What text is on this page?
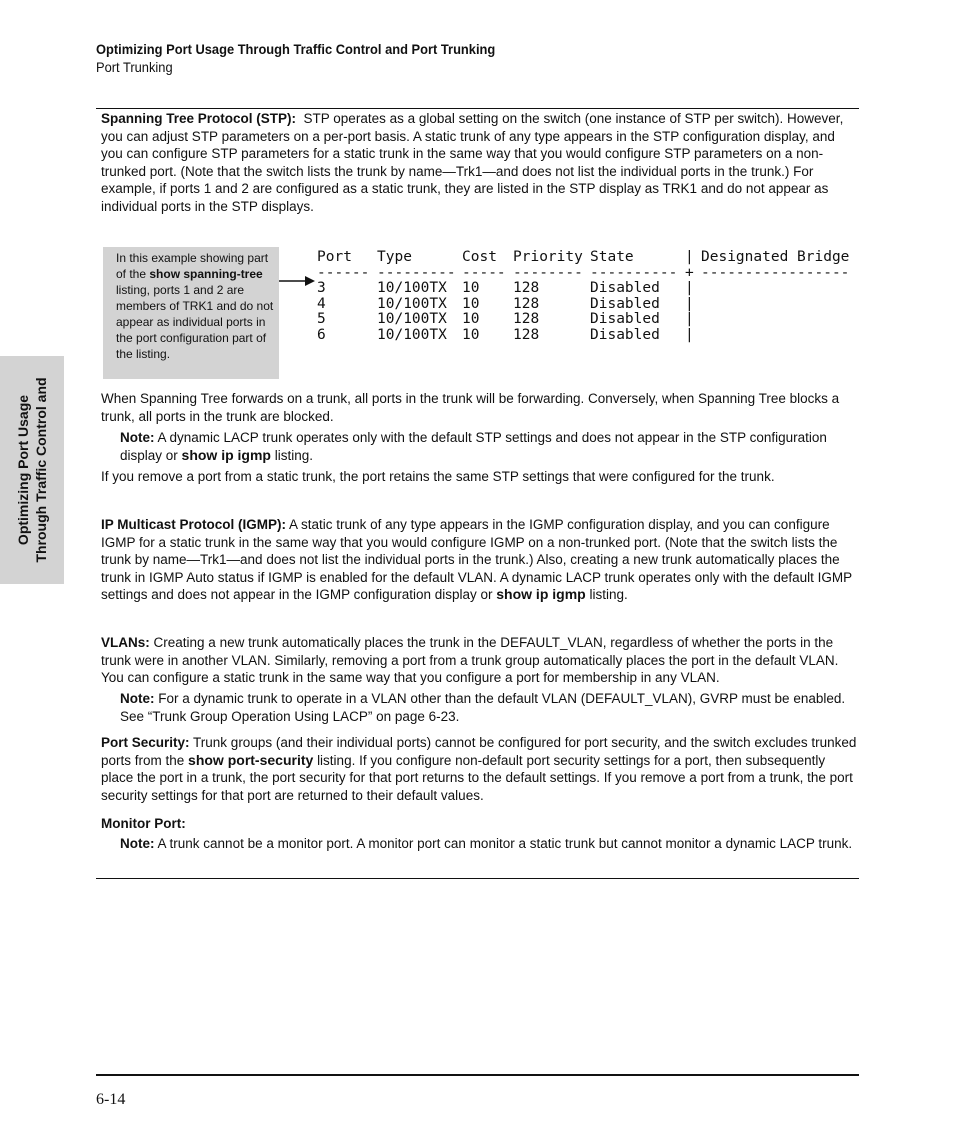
Optimizing Port Usage Through Traffic Control and Port Trunking
Port Trunking
Optimizing Port Usage Through Traffic Control and
Spanning Tree Protocol (STP): STP operates as a global setting on the switch (one instance of STP per switch). However, you can adjust STP parameters on a per-port basis. A static trunk of any type appears in the STP configuration display, and you can configure STP parameters for a static trunk in the same way that you would configure STP parameters on a non-trunked port. (Note that the switch lists the trunk by name—Trk1—and does not list the individual ports in the trunk.) For example, if ports 1 and 2 are configured as a static trunk, they are listed in the STP display as TRK1 and do not appear as individual ports in the STP displays.
In this example showing part of the show spanning-tree listing, ports 1 and 2 are members of TRK1 and do not appear as individual ports in the port configuration part of the listing.
Port Type	Cost Priority State	| Designated Bridge
------ --------- ----- -------- ---------- + -----------------
3	10/100TX 10 128	Disabled |
4	10/100TX 10 128	Disabled |
5	10/100TX 10 128	Disabled |
6	10/100TX 10 128	Disabled |
When Spanning Tree forwards on a trunk, all ports in the trunk will be forwarding. Conversely, when Spanning Tree blocks a trunk, all ports in the trunk are blocked.
Note: A dynamic LACP trunk operates only with the default STP settings and does not appear in the STP configuration display or show ip igmp listing.
If you remove a port from a static trunk, the port retains the same STP settings that were configured for the trunk.
IP Multicast Protocol (IGMP): A static trunk of any type appears in the IGMP configuration display, and you can configure IGMP for a static trunk in the same way that you would configure IGMP on a non-trunked port. (Note that the switch lists the trunk by name—Trk1—and does not list the individual ports in the trunk.) Also, creating a new trunk automatically places the trunk in IGMP Auto status if IGMP is enabled for the default VLAN. A dynamic LACP trunk operates only with the default IGMP settings and does not appear in the IGMP configuration display or show ip igmp listing.
VLANs: Creating a new trunk automatically places the trunk in the DEFAULT_VLAN, regardless of whether the ports in the trunk were in another VLAN. Similarly, removing a port from a trunk group automatically places the port in the default VLAN. You can configure a static trunk in the same way that you configure a port for membership in any VLAN.
Note: For a dynamic trunk to operate in a VLAN other than the default VLAN (DEFAULT_VLAN), GVRP must be enabled. See “Trunk Group Operation Using LACP” on page 6-23.
Port Security: Trunk groups (and their individual ports) cannot be configured for port security, and the switch excludes trunked ports from the show port-security listing. If you configure non-default port security settings for a port, then subsequently place the port in a trunk, the port security for that port returns to the default settings. If you remove a port from a trunk, the port security settings for that port are returned to their default values.
Monitor Port:
Note: A trunk cannot be a monitor port. A monitor port can monitor a static trunk but cannot monitor a dynamic LACP trunk.
6-14
